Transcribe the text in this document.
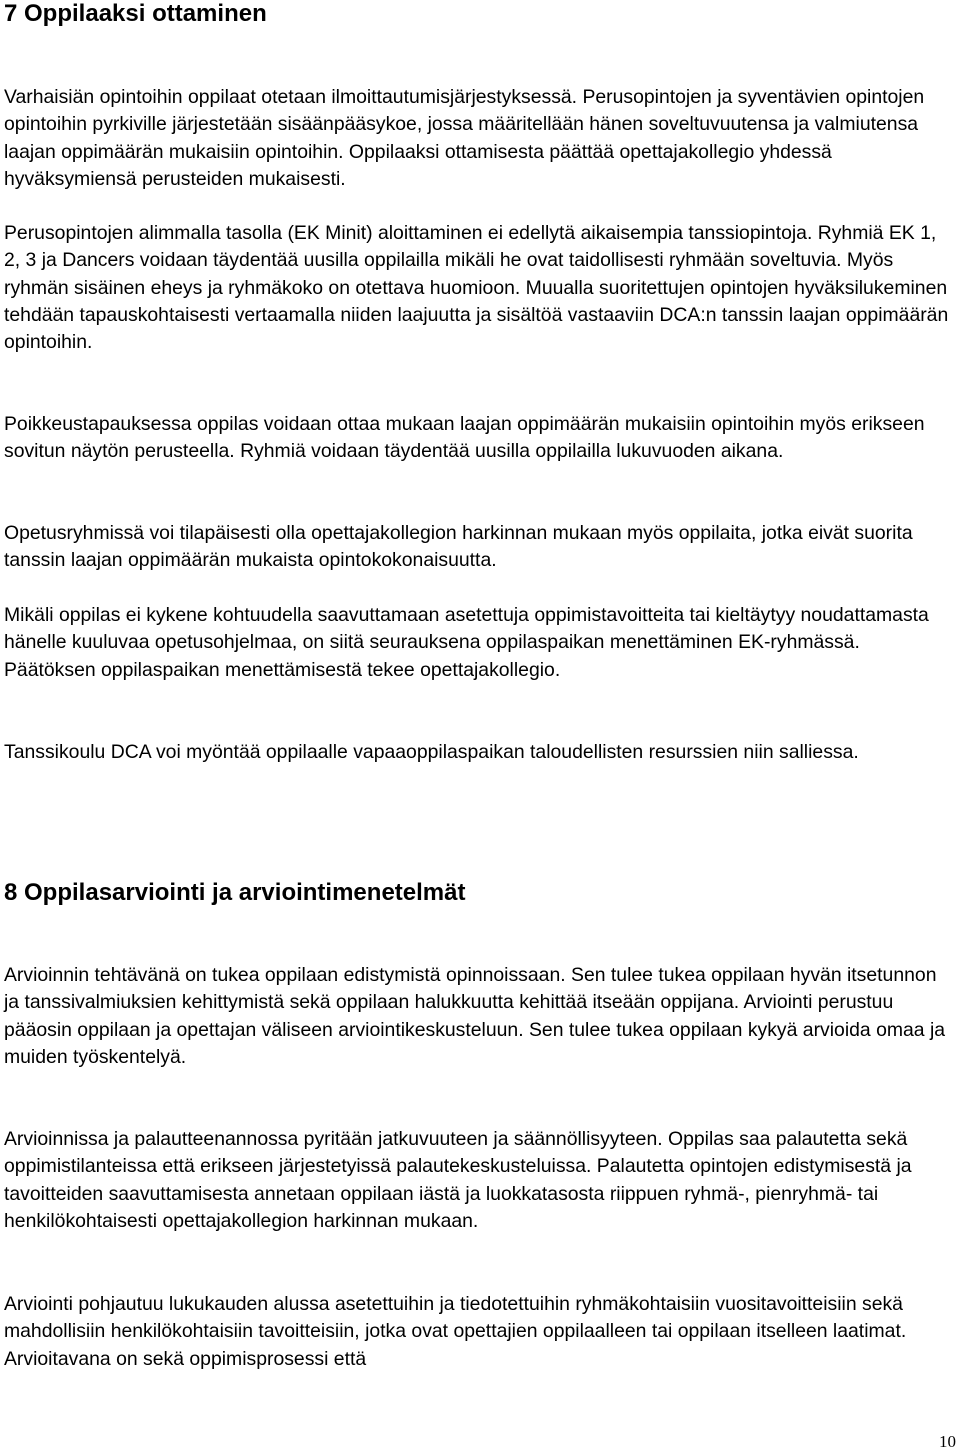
7 Oppilaaksi ottaminen

Varhaisiän opintoihin oppilaat otetaan ilmoittautumisjärjestyksessä. Perusopintojen ja syventävien opintojen opintoihin pyrkiville järjestetään sisäänpääsykoe, jossa määritellään hänen soveltuvuutensa ja valmiutensa laajan oppimäärän mukaisiin opintoihin. Oppilaaksi ottamisesta päättää opettajakollegio yhdessä hyväksymiensä perusteiden mukaisesti.

Perusopintojen alimmalla tasolla (EK Minit) aloittaminen ei edellytä aikaisempia tanssiopintoja. Ryhmiä EK 1, 2, 3 ja Dancers voidaan täydentää uusilla oppilailla mikäli he ovat taidollisesti ryhmään soveltuvia. Myös ryhmän sisäinen eheys ja ryhmäkoko on otettava huomioon. Muualla suoritettujen opintojen hyväksilukeminen tehdään tapauskohtaisesti vertaamalla niiden laajuutta ja sisältöä vastaaviin DCA:n tanssin laajan oppimäärän opintoihin.

Poikkeustapauksessa oppilas voidaan ottaa mukaan laajan oppimäärän mukaisiin opintoihin myös erikseen sovitun näytön perusteella. Ryhmiä voidaan täydentää uusilla oppilailla lukuvuoden aikana.

Opetusryhmissä voi tilapäisesti olla opettajakollegion harkinnan mukaan myös oppilaita, jotka eivät suorita tanssin laajan oppimäärän mukaista opintokokonaisuutta.

Mikäli oppilas ei kykene kohtuudella saavuttamaan asetettuja oppimistavoitteita tai kieltäytyy noudattamasta hänelle kuuluvaa opetusohjelmaa, on siitä seurauksena oppilaspaikan menettäminen EK-ryhmässä. Päätöksen oppilaspaikan menettämisestä tekee opettajakollegio.

Tanssikoulu DCA voi myöntää oppilaalle vapaaoppilaspaikan taloudellisten resurssien niin salliessa.

8 Oppilasarviointi ja arviointimenetelmät

Arvioinnin tehtävänä on tukea oppilaan edistymistä opinnoissaan. Sen tulee tukea oppilaan hyvän itsetunnon ja tanssivalmiuksien kehittymistä sekä oppilaan halukkuutta kehittää itseään oppijana. Arviointi perustuu pääosin oppilaan ja opettajan väliseen arviointikeskusteluun. Sen tulee tukea oppilaan kykyä arvioida omaa ja muiden työskentelyä.

Arvioinnissa ja palautteenannossa pyritään jatkuvuuteen ja säännöllisyyteen. Oppilas saa palautetta sekä oppimistilanteissa että erikseen järjestetyissä palautekeskusteluissa. Palautetta opintojen edistymisestä ja tavoitteiden saavuttamisesta annetaan oppilaan iästä ja luokkatasosta riippuen ryhmä-, pienryhmä- tai henkilökohtaisesti opettajakollegion harkinnan mukaan.

Arviointi pohjautuu lukukauden alussa asetettuihin ja tiedotettuihin ryhmäkohtaisiin vuositavoitteisiin sekä mahdollisiin henkilökohtaisiin tavoitteisiin, jotka ovat opettajien oppilaalleen tai oppilaan itselleen laatimat. Arvioitavana on sekä oppimisprosessi että

10
